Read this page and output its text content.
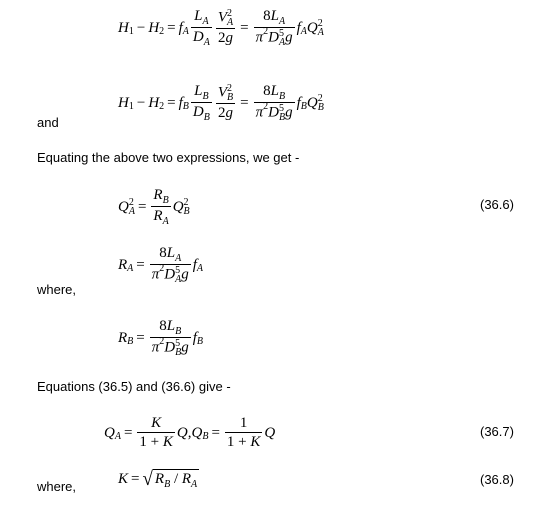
H 1 − H 2 = f A $\frac{L_A}{D_A}$ V 2
A
$2g = 8L_A$
$\pi^2D$ 5
A g f A Q 2
A
H 1 − H 2 = f B $\frac{L_B}{D_B}$ V 2
B
$2g = 8L_B$
$\pi^2D$ 5
B g f B Q 2
B
and
Equating the above two expressions, we get -
Q 2
$A = \frac{R_B}{R_A}$ Q 2
B	(36.6)
R $A = 8L_A$
$\pi^2D$ 5
A g f A
where,
R $B = 8L_B$
$\pi^2D$ 5
B g f B
Equations (36.5) and (36.6) give -
Q $A = \frac{K}{1 + K}$ Q , Q $B = \frac{1}{1 + K}$ Q	(36.7)
K = √ $R_B / R_A$
where,	(36.8)
